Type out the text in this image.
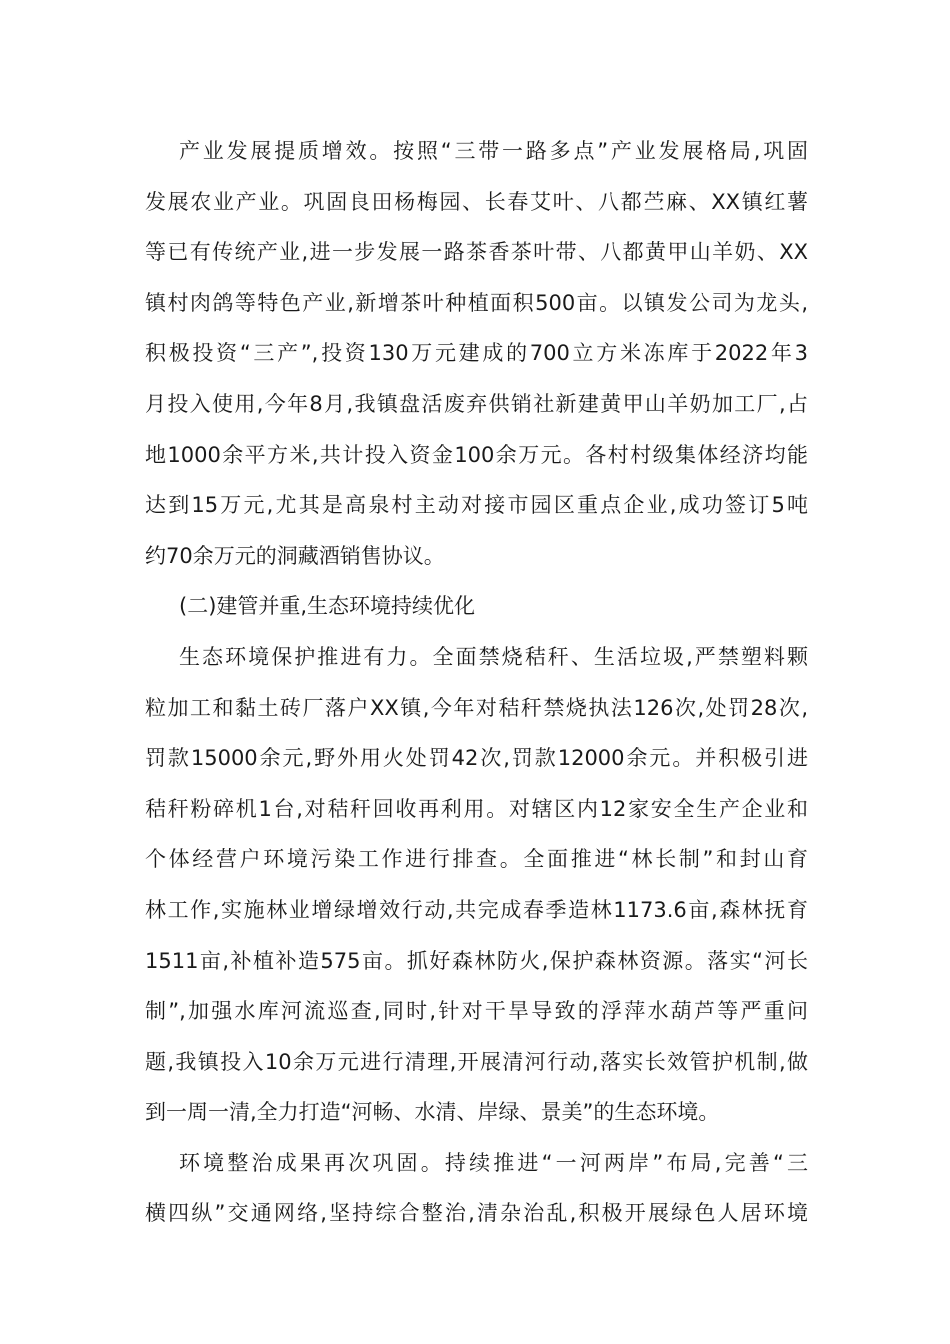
产业发展提质增效。按照“三带一路多点”产业发展格局,巩固
发展农业产业。巩固良田杨梅园、长春艾叶、八都苎麻、XX镇红薯
等已有传统产业,进一步发展一路茶香茶叶带、八都黄甲山羊奶、XX
镇村肉鸽等特色产业,新增茶叶种植面积500亩。以镇发公司为龙头,
积极投资“三产”,投资130万元建成的700立方米冻库于2022年3
月投入使用,今年8月,我镇盘活废弃供销社新建黄甲山羊奶加工厂,占
地1000余平方米,共计投入资金100余万元。各村村级集体经济均能
达到15万元,尤其是高泉村主动对接市园区重点企业,成功签订5吨
约70余万元的洞藏酒销售协议。
(二)建管并重,生态环境持续优化
生态环境保护推进有力。全面禁烧秸秆、生活垃圾,严禁塑料颗
粒加工和黏土砖厂落户XX镇,今年对秸秆禁烧执法126次,处罚28次,
罚款15000余元,野外用火处罚42次,罚款12000余元。并积极引进
秸秆粉碎机1台,对秸秆回收再利用。对辖区内12家安全生产企业和
个体经营户环境污染工作进行排查。全面推进“林长制”和封山育
林工作,实施林业增绿增效行动,共完成春季造林1173.6亩,森林抚育
1511亩,补植补造575亩。抓好森林防火,保护森林资源。落实“河长
制”,加强水库河流巡查,同时,针对干旱导致的浮萍水葫芦等严重问
题,我镇投入10余万元进行清理,开展清河行动,落实长效管护机制,做
到一周一清,全力打造“河畅、水清、岸绿、景美”的生态环境。
环境整治成果再次巩固。持续推进“一河两岸”布局,完善“三
横四纵”交通网络,坚持综合整治,清杂治乱,积极开展绿色人居环境
